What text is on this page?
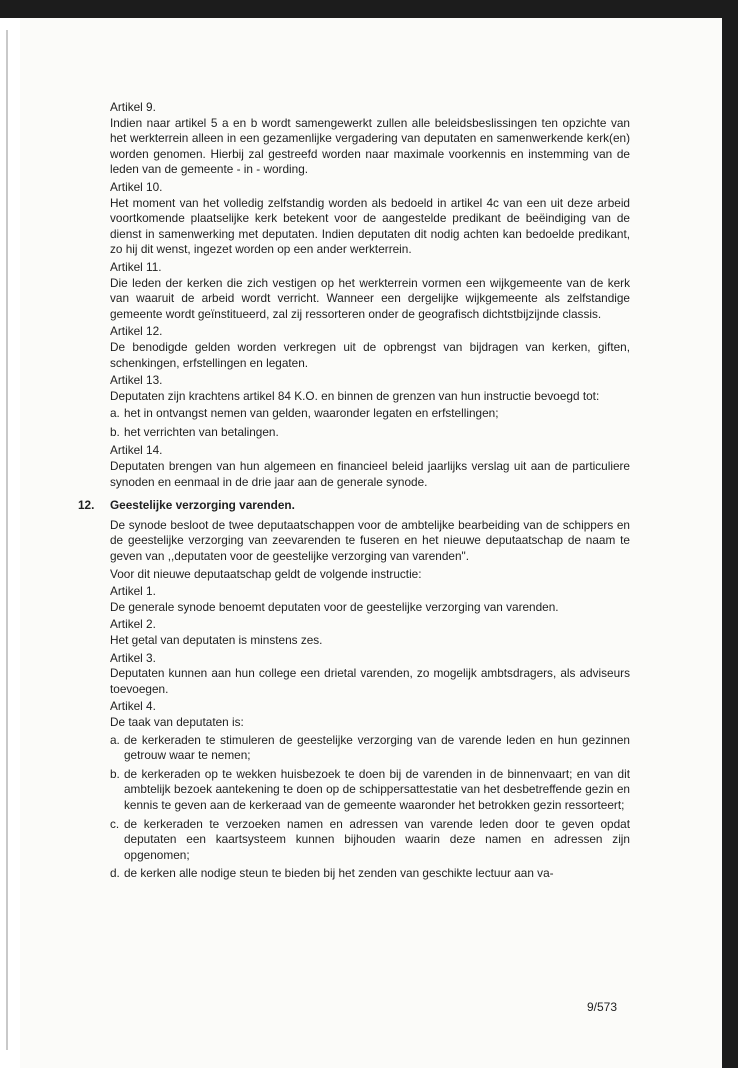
Artikel 9.

Indien naar artikel 5 a en b wordt samengewerkt zullen alle beleidsbeslissingen ten opzichte van het werkterrein alleen in een gezamenlijke vergadering van deputaten en samenwerkende kerk(en) worden genomen. Hierbij zal gestreefd worden naar maximale voorkennis en instemming van de leden van de gemeente - in - wording.

Artikel 10.

Het moment van het volledig zelfstandig worden als bedoeld in artikel 4c van een uit deze arbeid voortkomende plaatselijke kerk betekent voor de aangestelde predikant de beëindiging van de dienst in samenwerking met deputaten. Indien deputaten dit nodig achten kan bedoelde predikant, zo hij dit wenst, ingezet worden op een ander werkterrein.

Artikel 11.

Die leden der kerken die zich vestigen op het werkterrein vormen een wijkgemeente van de kerk van waaruit de arbeid wordt verricht. Wanneer een dergelijke wijkgemeente als zelfstandige gemeente wordt geïnstitueerd, zal zij ressorteren onder de geografisch dichtstbijzijnde classis.

Artikel 12.

De benodigde gelden worden verkregen uit de opbrengst van bijdragen van kerken, giften, schenkingen, erfstellingen en legaten.

Artikel 13.

Deputaten zijn krachtens artikel 84 K.O. en binnen de grenzen van hun instructie bevoegd tot:

a. het in ontvangst nemen van gelden, waaronder legaten en erfstellingen;
b. het verrichten van betalingen.

Artikel 14.

Deputaten brengen van hun algemeen en financieel beleid jaarlijks verslag uit aan de particuliere synoden en eenmaal in de drie jaar aan de generale synode.

12. Geestelijke verzorging varenden.

De synode besloot de twee deputaatschappen voor de ambtelijke bearbeiding van de schippers en de geestelijke verzorging van zeevarenden te fuseren en het nieuwe deputaatschap de naam te geven van ,,deputaten voor de geestelijke verzorging van varenden".

Voor dit nieuwe deputaatschap geldt de volgende instructie:

Artikel 1.

De generale synode benoemt deputaten voor de geestelijke verzorging van varenden.

Artikel 2.

Het getal van deputaten is minstens zes.

Artikel 3.

Deputaten kunnen aan hun college een drietal varenden, zo mogelijk ambtsdragers, als adviseurs toevoegen.

Artikel 4.

De taak van deputaten is:

a. de kerkeraden te stimuleren de geestelijke verzorging van de varende leden en hun gezinnen getrouw waar te nemen;
b. de kerkeraden op te wekken huisbezoek te doen bij de varenden in de binnenvaart; en van dit ambtelijk bezoek aantekening te doen op de schippersattestatie van het desbetreffende gezin en kennis te geven aan de kerkeraad van de gemeente waaronder het betrokken gezin ressorteert;
c. de kerkeraden te verzoeken namen en adressen van varende leden door te geven opdat deputaten een kaartsysteem kunnen bijhouden waarin deze namen en adressen zijn opgenomen;
d. de kerken alle nodige steun te bieden bij het zenden van geschikte lectuur aan va-
9/573
